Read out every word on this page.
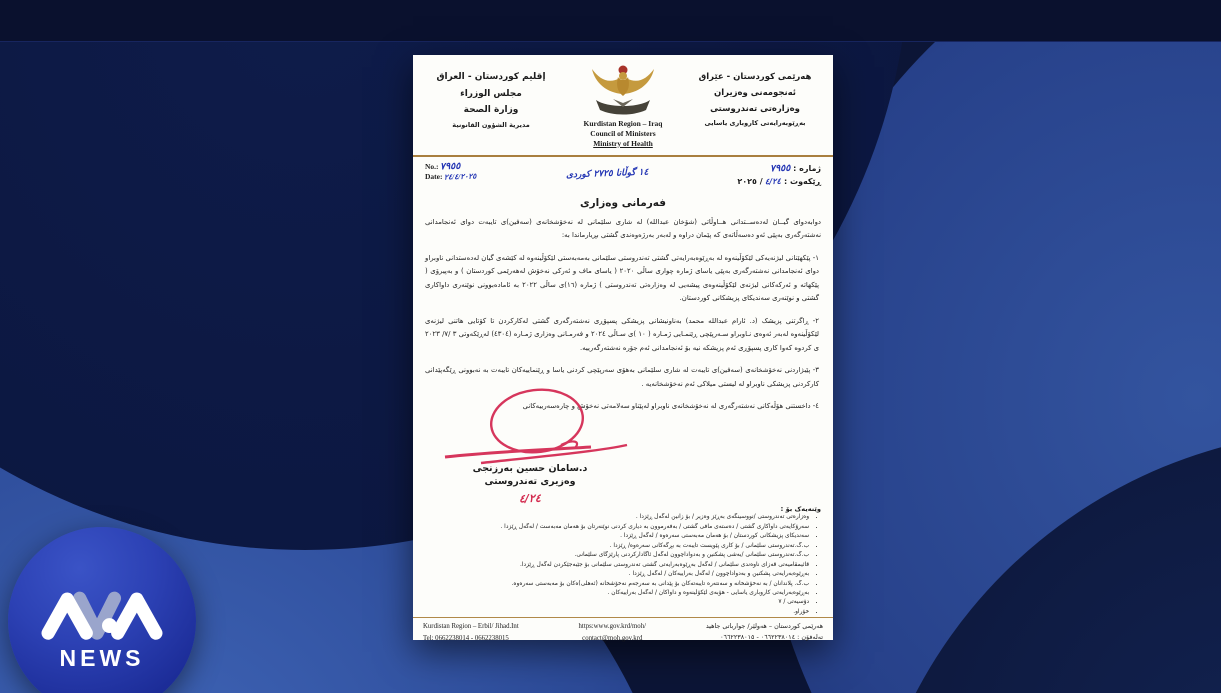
NEWS
إقليم كوردستان - العراق
مجلس الوزراء
وزارة الصحة
مديرية الشؤون القانونية	Kurdistan Region – Iraq
Council of Ministers
Ministry of Health
هەرێمی کوردستان - عێراق
ئەنجومەنی وەزیران
وەزارەتی تەندروستی
بەڕێوبەرایەتی کاروباری یاسایی
No.: ٧٩٥٥
Date: ٢٤/٤/٢٠٢٥	١٤ گوڵانا ٢٧٢٥ کوردی	ژمارە : ٧٩٥٥
ڕێکەوت : ٤/٢٤ / ٢٠٢٥
فەرمانی وەزاری
دوابەدوای گیــان لەدەســتدانی هــاوڵاتی (شۆخان عبدالله) لە شاری سلێمانی لە نەخۆشخانەی (سەفین)ی تایبەت دوای ئەنجامدانی نەشتەرگەری بەپێی ئەو دەسەڵاتەی کە پێمان دراوە و لەبەر بەرژەوەندی گشتی بڕیارماندا بە:
١- پێکهێنانی لیژنەیەکی لێکۆڵینەوە لە بەڕێوەبەرایەتی گشتی تەندروستی سلێمانی بەمەبەستی لێکۆڵینەوە لە کێشەی گیان لەدەستدانی ناوبراو دوای ئەنجامدانی نەشتەرگەری بەپێی یاسای ژمارە چواری ساڵی ٢٠٢٠ ( یاسای ماف و ئەرکی نەخۆش لەهەرێمی کوردستان ) و بەپیرۆی ( پێکهاتە و ئەرکەکانی لیژنەی لێکۆڵینەوەی پیشەیی لە وەزارەتی تەندروستی ) ژمارە (١٦)ی ساڵی ٢٠٢٢ بە ئامادەبوونی نوێنەری داواکاری گشتی و نوێنەری سەندیکای پزیشکانی کوردستان.
٢- ڕاگرتنی پزیشک (د. ئارام عبدالله محمد) بەناونیشانی پزیشکی پسپۆڕی نەشتەرگەری گشتی لەکارکردن تا کۆتایی هاتنی لیژنەی لێکۆڵینەوە لەبەر ئەوەی نـاوبراو سـەرپێچی ڕێنمـایی ژمـارە ( ١٠ )ی سـاڵی ٢٠٢٤ و فەرمـانی وەزاری ژمـارە (٤٣٠٤) لەڕێکەوتی ٣ /٧/ ٢٠٢٣ ی کردوە کەوا کاری پسپۆڕی ئەم پزیشکە نیە بۆ ئەنجامدانی ئەم جۆرە نەشتەرگەرییە.
٣- پێبژاردنی نەخۆشخانەی (سەفین)ی تایبەت لە شاری سلێمانی بەهۆی سەرپێچی کردنی یاسا و ڕێنماییەکان تایبەت بە نەبوونی ڕێگەپێدانی کارکردنی پزیشکی ناوبراو لە لیستی میلاکی ئەم نەخۆشخانەیە .
٤- داخستنی هۆڵەکانی نەشتەرگەری لە نەخۆشخانەی ناوبراو لەپێناو سەلامەتی نەخۆش و چارەسەرییەکانی
د.سامان حسین بەرزنجی
وەزیری تەندروستی
٤/٢٤
وێنەیەک بۆ :
• وەزارەتی تەندروستی /نووسینگەی بەڕێز وەزیر / بۆ زانین لەگەڵ ڕێزدا .
• سەرۆکایەتی داواکاری گشتی / دەستەی مافی گشتی / بەفەرموون بە دیاری کردنی نوێنەرتان بۆ هەمان مەبەست / لەگەڵ ڕێزدا .
• سەندیکای پزیشکانی کوردستان / بۆ هەمان مەبەستی سەرەوە / لەگەڵ ڕێزدا .
• ب.گ.تەندروستی سلێمانی / بۆ کاری پێویست تایبەت بە بڕگەکانی سەرەوە/ ڕێزدا .
• ب.گ.تەندروستی سلێمانی /بەشی پشکنین و بەدواداچوون لەگەڵ ئاگادارکردنی پارێزگای سلێمانی.
• قائیمقامیەتی قەزای ناوەندی سلێمانی / لەگەڵ بەڕێوەبەرایەتی گشتی تەندروستی سلێمانی بۆ جێبەجێکردن لەگەڵ ڕێزدا.
• بەڕێوەبەرایەتی پشکنین و بەدواداچوون / لەگەڵ بەراییەکان / لەگەڵ ڕێزدا .
• ب.گ. پلاندانان / بە نەخۆشخانە و سەنتەرە تایبەتەکان بۆ پێدانی بە سەرجەم نەخۆشخانە (ئەهلی)ەکان بۆ مەبەستی سەرەوە.
• بەڕێوەبەرایەتی کاروباری یاسایی - هۆبەی لێکۆڵینەوە و داواکان / لەگەڵ بەراییەکان .
• دۆسیەتی / ٧
• خۆراو.
Kurdistan Region – Erbil/ Jihad.Int
Tel: 0662238014 - 0662238015
https:www.gov.krd/moh/
contact@moh.gov.krd
هەرێمی کوردستان – هەولێر/ جوارباتی جاهید
تەلەفۆن : ٠٦٦٢٢٣٨٠١٤ - ٠٦٦٢٢٣٨٠١٥
